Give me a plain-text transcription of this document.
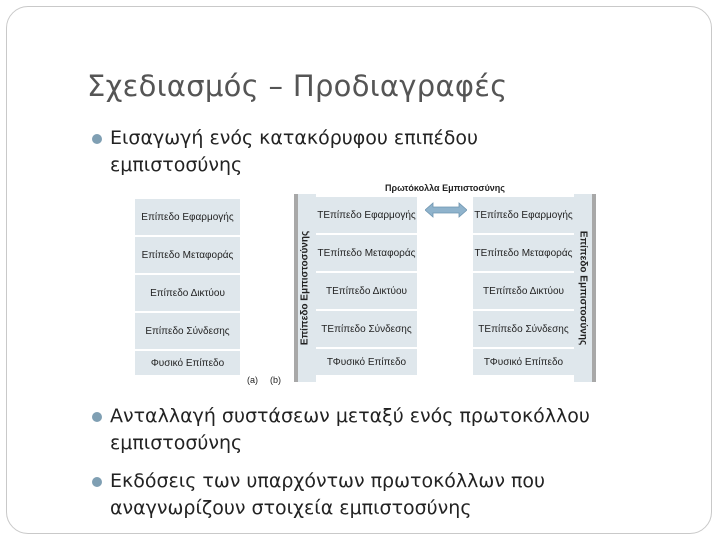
Σχεδιασμός – Προδιαγραφές
Εισαγωγή ενός κατακόρυφου επιπέδου
εμπιστοσύνης
Επίπεδο Εφαρμογής
Επίπεδο Μεταφοράς
Επίπεδο Δικτύου
Επίπεδο Σύνδεσης
Φυσικό Επίπεδο
(a) (b)
Επίπεδο Εμπιστοσύνης
ΤΕπίπεδο Εφαρμογής
ΤΕπίπεδο Μεταφοράς
ΤΕπίπεδο Δικτύου
ΤΕπίπεδο Σύνδεσης
ΤΦυσικό Επίπεδο
Πρωτόκολλα Εμπιστοσύνης
ΤΕπίπεδο Εφαρμογής
ΤΕπίπεδο Μεταφοράς
ΤΕπίπεδο Δικτύου
ΤΕπίπεδο Σύνδεσης
ΤΦυσικό Επίπεδο
Επίπεδο Εμπιστοσύνης
Ανταλλαγή συστάσεων μεταξύ ενός πρωτοκόλλου
εμπιστοσύνης
Εκδόσεις των υπαρχόντων πρωτοκόλλων που
αναγνωρίζουν στοιχεία εμπιστοσύνης
